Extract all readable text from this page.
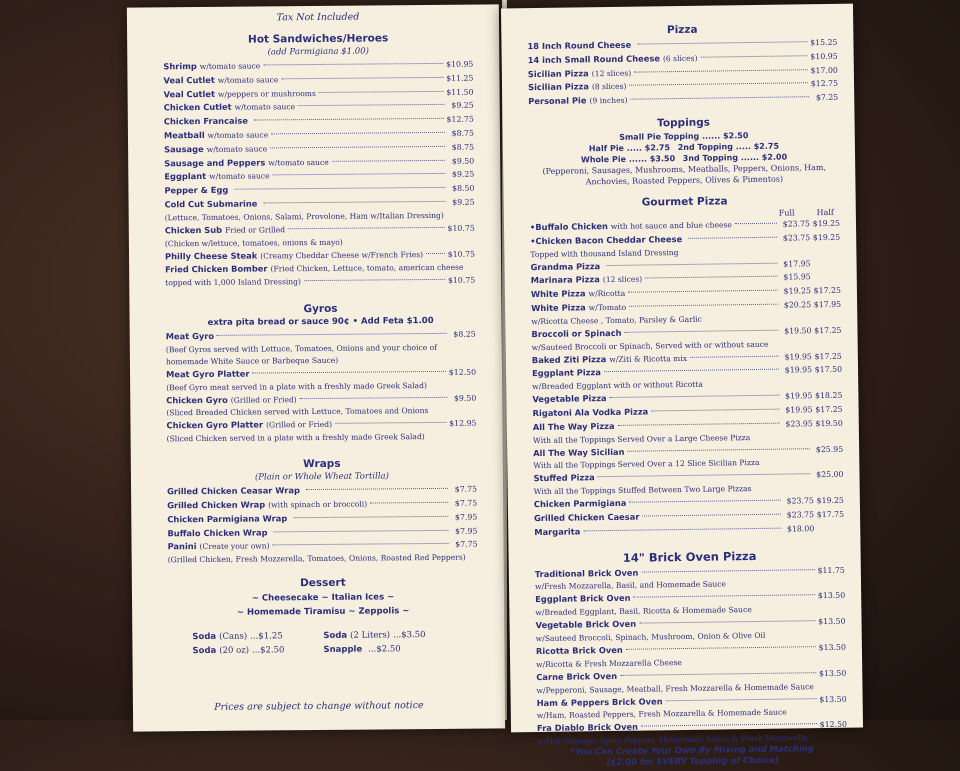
Tax Not Included
Hot Sandwiches/Heroes
(add Parmigiana $1.00)
Shrimp w/tomato sauce	$10.95
Veal Cutlet w/tomato sauce	$11.25
Veal Cutlet w/peppers or mushrooms	$11.50
Chicken Cutlet w/tomato sauce	$9.25
Chicken Francaise	$12.75
Meatball w/tomato sauce	$8.75
Sausage w/tomato sauce	$8.75
Sausage and Peppers w/tomato sauce	$9.50
Eggplant w/tomato sauce	$9.25
Pepper & Egg	$8.50
Cold Cut Submarine	$9.25
(Lettuce, Tomatoes, Onions, Salami, Provolone, Ham w/Italian Dressing)
Chicken Sub Fried or Grilled	$10.75
(Chicken w/lettuce, tomatoes, onions & mayo)
Philly Cheese Steak (Creamy Cheddar Cheese w/French Fries)	$10.75
Fried Chicken Bomber (Fried Chicken, Lettuce, tomato, american cheese
topped with 1,000 Island Dressing)	$10.75
Gyros
extra pita bread or sauce 90¢ • Add Feta $1.00
Meat Gyro	$8.25
(Beef Gyros served with Lettuce, Tomatoes, Onions and your choice of
homemade White Sauce or Barbeque Sauce)
Meat Gyro Platter	$12.50
(Beef Gyro meat served in a plate with a freshly made Greek Salad)
Chicken Gyro (Grilled or Fried)	$9.50
(Sliced Breaded Chicken served with Lettuce, Tomatoes and Onions
Chicken Gyro Platter (Grilled or Fried)	$12.95
(Sliced Chicken served in a plate with a freshly made Greek Salad)
Wraps
(Plain or Whole Wheat Tortilla)
Grilled Chicken Ceasar Wrap	$7.75
Grilled Chicken Wrap (with spinach or broccoli)	$7.75
Chicken Parmigiana Wrap	$7.95
Buffalo Chicken Wrap	$7.95
Panini (Create your own)	$7.75
(Grilled Chicken, Fresh Mozzerella, Tomatoes, Onions, Roasted Red Peppers)
Dessert
~ Cheesecake ~ Italian Ices ~
~ Homemade Tiramisu ~ Zeppolis ~
Soda (Cans) ...$1.25	Soda (2 Liters) ...$3.50
Soda (20 oz) ...$2.50	Snapple ...$2.50
Prices are subject to change without notice
Pizza
18 Inch Round Cheese	$15.25
14 inch Small Round Cheese (6 slices)	$10.95
Sicilian Pizza (12 slices)	$17.00
Sicilian Pizza (8 slices)	$12.75
Personal Pie (9 inches)	$7.25
Toppings
Small Pie Topping ...... $2.50
Half Pie ..... $2.75 2nd Topping ..... $2.75
Whole Pie ...... $3.50 3nd Topping ...... $2.00
(Pepperoni, Sausages, Mushrooms, Meatballs, Peppers, Onions, Ham,
Anchovies, Roasted Peppers, Olives & Pimentos)
Gourmet Pizza
Full	Half
•Buffalo Chicken with hot sauce and blue cheese	$23.75 $19.25
•Chicken Bacon Cheddar Cheese	$23.75 $19.25
Topped with thousand Island Dressing
Grandma Pizza	$17.95
Marinara Pizza (12 slices)	$15.95
White Pizza w/Ricotta	$19.25 $17.25
White Pizza w/Tomato	$20.25 $17.95
w/Ricotta Cheese , Tomato, Parsley & Garlic
Broccoli or Spinach	$19.50 $17.25
w/Sauteed Broccoli or Spinach, Served with or without sauce
Baked Ziti Pizza w/Ziti & Ricotta mix	$19.95 $17.25
Eggplant Pizza	$19.95 $17.50
w/Breaded Eggplant with or without Ricotta
Vegetable Pizza	$19.95 $18.25
Rigatoni Ala Vodka Pizza	$19.95 $17.25
All The Way Pizza	$23.95 $19.50
With all the Toppings Served Over a Large Cheese Pizza
All The Way Sicilian	$25.95
With all the Toppings Served Over a 12 Slice Sicilian Pizza
Stuffed Pizza	$25.00
With all the Toppings Stuffed Between Two Large Pizzas
Chicken Parmigiana	$23.75 $19.25
Grilled Chicken Caesar	$23.75 $17.75
Margarita	$18.00
14" Brick Oven Pizza
Traditional Brick Oven	$11.75
w/Fresh Mozzarella, Basil, and Homemade Sauce
Eggplant Brick Oven	$13.50
w/Breaded Eggplant, Basil, Ricotta & Homemade Sauce
Vegetable Brick Oven	$13.50
w/Sauteed Broccoli, Spinach, Mushroom, Onion & Olive Oil
Ricotta Brick Oven	$13.50
w/Ricotta & Fresh Mozzarella Cheese
Carne Brick Oven	$13.50
w/Pepperoni, Sausage, Meatball, Fresh Mozzarella & Homemade Sauce
Ham & Peppers Brick Oven	$13.50
w/Ham, Roasted Peppers, Fresh Mozzarella & Homemade Sauce
Fra Diablo Brick Oven	$12.50
w/Hot Sausage, Spicy Peppers, Homemade Sauce & Fresh Mozzarella
*You Can Create Your Own By Mixing and Matching
($2.00 for EVERY Topping of Choice)
